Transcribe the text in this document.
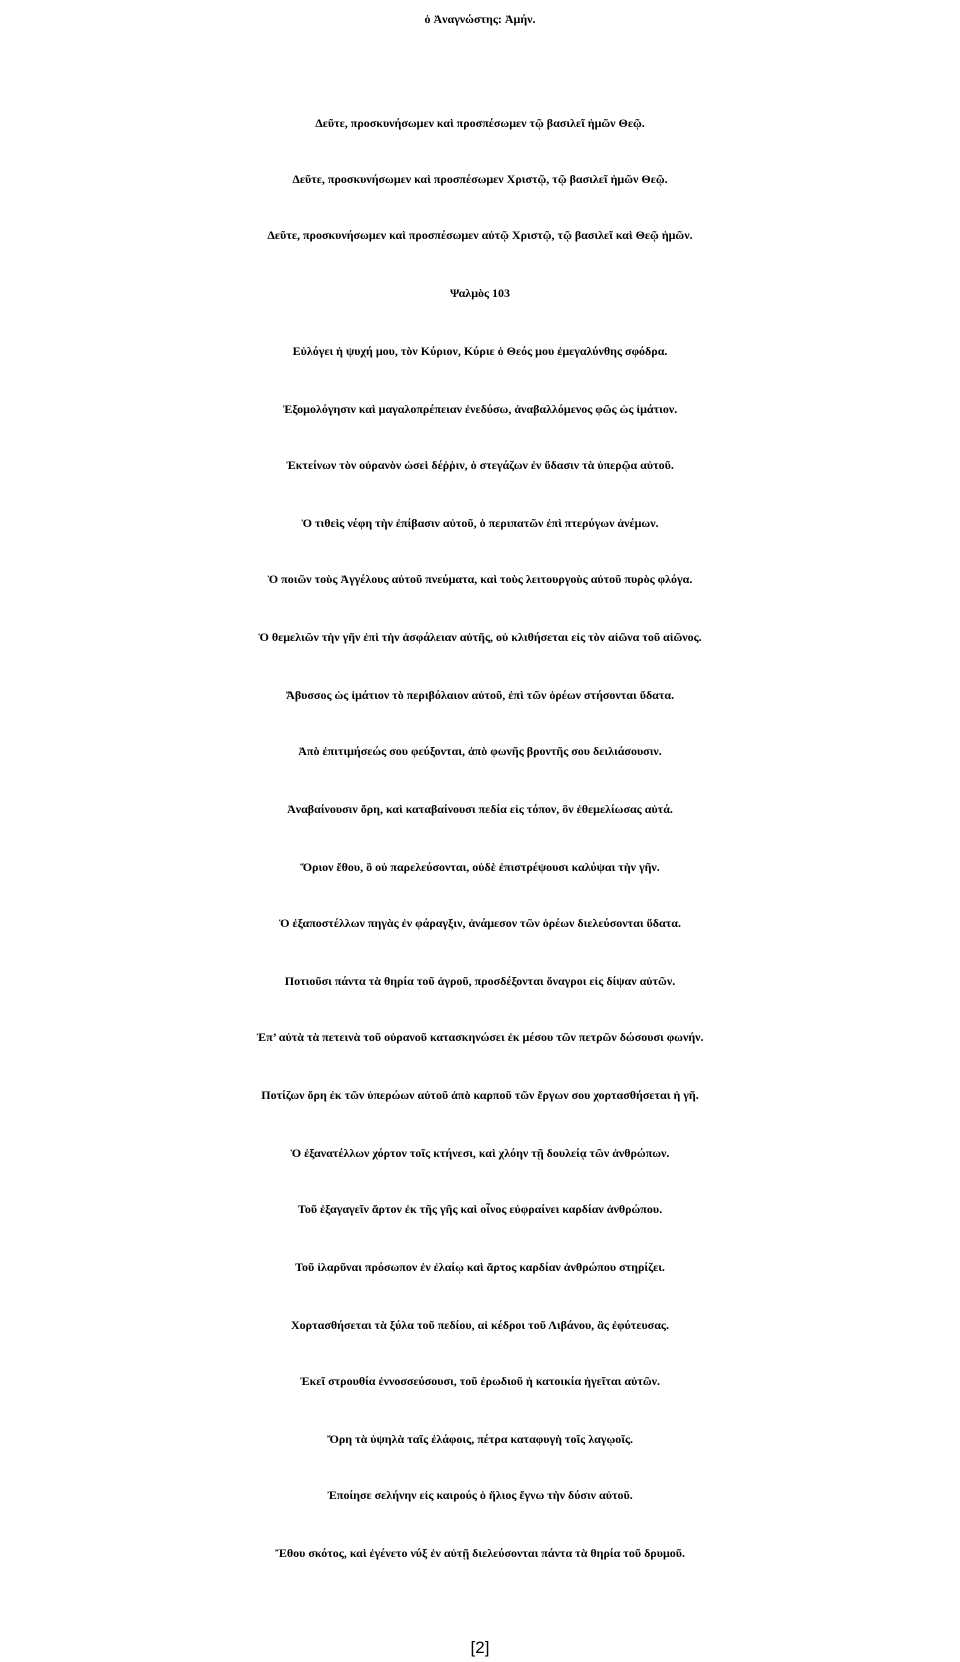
ὁ Ἀναγνώστης: Ἀμήν.
Δεῦτε, προσκυνήσωμεν καὶ προσπέσωμεν τῷ βασιλεῖ ἡμῶν Θεῷ.
Δεῦτε, προσκυνήσωμεν καὶ προσπέσωμεν Χριστῷ, τῷ βασιλεῖ ἡμῶν Θεῷ.
Δεῦτε, προσκυνήσωμεν καὶ προσπέσωμεν αὐτῷ Χριστῷ, τῷ βασιλεῖ καὶ Θεῷ ἡμῶν.
Ψαλμὸς 103
Εὐλόγει ἡ ψυχή μου, τὸν Κύριον, Κύριε ὁ Θεός μου ἐμεγαλύνθης σφόδρα.
Ἐξομολόγησιν καὶ μαγαλοπρέπειαν ἐνεδύσω, ἀναβαλλόμενος φῶς ὡς ἱμάτιον.
Ἐκτείνων τὸν οὐρανὸν ὡσεὶ δέῤῥιν, ὁ στεγάζων ἐν ὕδασιν τὰ ὑπερῷα αὐτοῦ.
Ὁ τιθεὶς νέφη τὴν ἐπίβασιν αὐτοῦ, ὁ περιπατῶν ἐπὶ πτερύγων ἀνέμων.
Ὁ ποιῶν τοὺς Ἀγγέλους αὐτοῦ πνεύματα, καὶ τοὺς λειτουργοὺς αὐτοῦ πυρὸς φλόγα.
Ὁ θεμελιῶν τὴν γῆν ἐπὶ τὴν ἀσφάλειαν αὐτῆς, οὐ κλιθήσεται εἰς τὸν αἰῶνα τοῦ αἰῶνος.
Ἄβυσσος ὡς ἱμάτιον τὸ περιβόλαιον αὐτοῦ, ἐπὶ τῶν ὀρέων στήσονται ὕδατα.
Ἀπὸ ἐπιτιμήσεώς σου φεύξονται, ἀπὸ φωνῆς βροντῆς σου δειλιάσουσιν.
Ἀναβαίνουσιν ὄρη, καὶ καταβαίνουσι πεδία εἰς τόπον, ὃν ἐθεμελίωσας αὐτά.
Ὅριον ἔθου, ὃ οὐ παρελεύσονται, οὐδὲ ἐπιστρέψουσι καλύψαι τὴν γῆν.
Ὁ ἐξαποστέλλων πηγὰς ἐν φάραγξιν, ἀνάμεσον τῶν ὀρέων διελεύσονται ὕδατα.
Ποτιοῦσι πάντα τὰ θηρία τοῦ ἀγροῦ, προσδέξονται ὄναγροι εἰς δίψαν αὐτῶν.
Ἐπ’ αὐτὰ τὰ πετεινὰ τοῦ οὐρανοῦ κατασκηνώσει ἐκ μέσου τῶν πετρῶν δώσουσι φωνήν.
Ποτίζων ὄρη ἐκ τῶν ὑπερώων αὐτοῦ ἀπὸ καρποῦ τῶν ἔργων σου χορτασθήσεται ἡ γῆ.
Ὁ ἐξανατέλλων χόρτον τοῖς κτήνεσι, καὶ χλόην τῇ δουλείᾳ τῶν ἀνθρώπων.
Τοῦ ἐξαγαγεῖν ἄρτον ἐκ τῆς γῆς καὶ οἶνος εὐφραίνει καρδίαν ἀνθρώπου.
Τοῦ ἱλαρῦναι πρόσωπον ἐν ἐλαίῳ καὶ ἄρτος καρδίαν ἀνθρώπου στηρίζει.
Χορτασθήσεται τὰ ξύλα τοῦ πεδίου, αἱ κέδροι τοῦ Λιβάνου, ἃς ἐφύτευσας.
Ἐκεῖ στρουθία ἐννοσσεύσουσι, τοῦ ἐρωδιοῦ ἡ κατοικία ἡγεῖται αὐτῶν.
Ὄρη τὰ ὑψηλὰ ταῖς ἐλάφοις, πέτρα καταφυγὴ τοῖς λαγῳοῖς.
Ἐποίησε σελήνην εἰς καιρούς ὁ ἥλιος ἔγνω τὴν δύσιν αὐτοῦ.
Ἔθου σκότος, καὶ ἐγένετο νύξ ἐν αὐτῇ διελεύσονται πάντα τὰ θηρία τοῦ δρυμοῦ.
[2]
